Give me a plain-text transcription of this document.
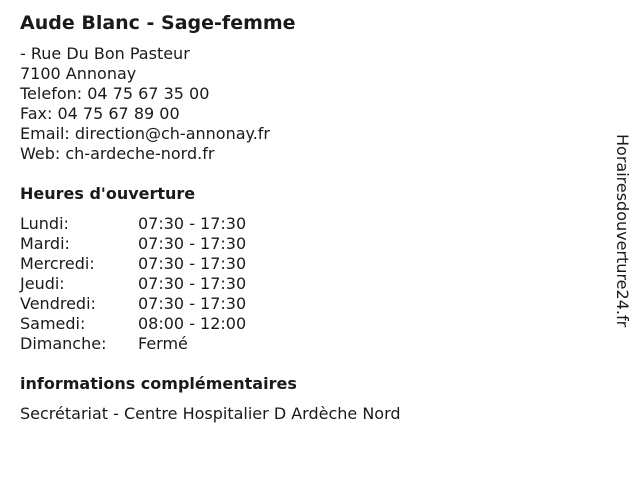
Aude Blanc - Sage-femme
- Rue Du Bon Pasteur
7100 Annonay
Telefon: 04 75 67 35 00
Fax: 04 75 67 89 00
Email: direction@ch-annonay.fr
Web: ch-ardeche-nord.fr
Heures d'ouverture
Lundi:	07:30 - 17:30
Mardi:	07:30 - 17:30
Mercredi:	07:30 - 17:30
Jeudi:	07:30 - 17:30
Vendredi:	07:30 - 17:30
Samedi:	08:00 - 12:00
Dimanche: Fermé
informations complémentaires
Secrétariat - Centre Hospitalier D Ardèche Nord
Horairesdouverture24.fr
